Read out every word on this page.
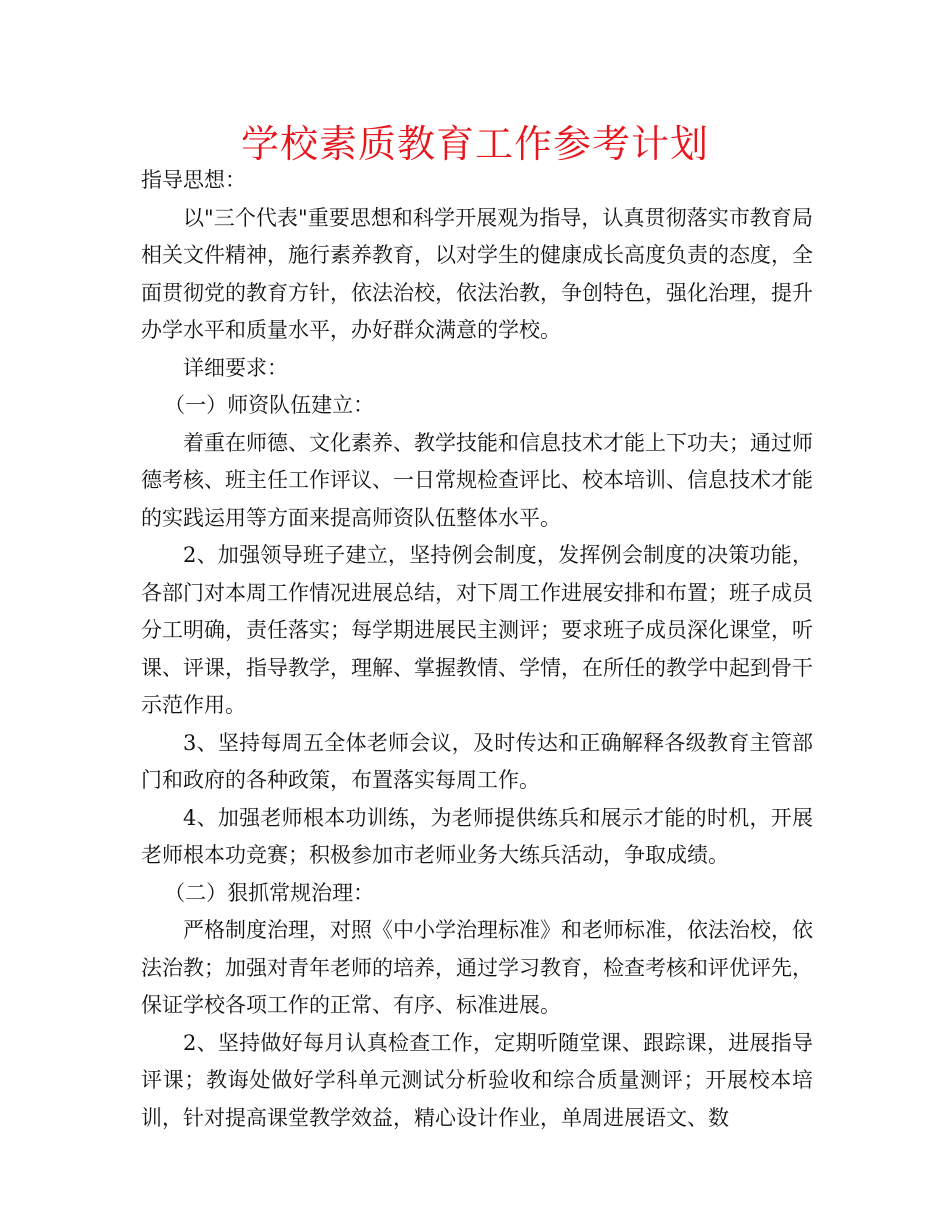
学校素质教育工作参考计划

指导思想：

以"三个代表"重要思想和科学开展观为指导，认真贯彻落实市教育局相关文件精神，施行素养教育，以对学生的健康成长高度负责的态度，全面贯彻党的教育方针，依法治校，依法治教，争创特色，强化治理，提升办学水平和质量水平，办好群众满意的学校。

详细要求：

（一）师资队伍建立：

着重在师德、文化素养、教学技能和信息技术才能上下功夫；通过师德考核、班主任工作评议、一日常规检查评比、校本培训、信息技术才能的实践运用等方面来提高师资队伍整体水平。

2、加强领导班子建立，坚持例会制度，发挥例会制度的决策功能，各部门对本周工作情况进展总结，对下周工作进展安排和布置；班子成员分工明确，责任落实；每学期进展民主测评；要求班子成员深化课堂，听课、评课，指导教学，理解、掌握教情、学情，在所任的教学中起到骨干示范作用。

3、坚持每周五全体老师会议，及时传达和正确解释各级教育主管部门和政府的各种政策，布置落实每周工作。

4、加强老师根本功训练，为老师提供练兵和展示才能的时机，开展老师根本功竞赛；积极参加市老师业务大练兵活动，争取成绩。

（二）狠抓常规治理：

严格制度治理，对照《中小学治理标准》和老师标准，依法治校，依法治教；加强对青年老师的培养，通过学习教育，检查考核和评优评先，保证学校各项工作的正常、有序、标准进展。

2、坚持做好每月认真检查工作，定期听随堂课、跟踪课，进展指导评课；教诲处做好学科单元测试分析验收和综合质量测评；开展校本培训，针对提高课堂教学效益，精心设计作业，单周进展语文、数
